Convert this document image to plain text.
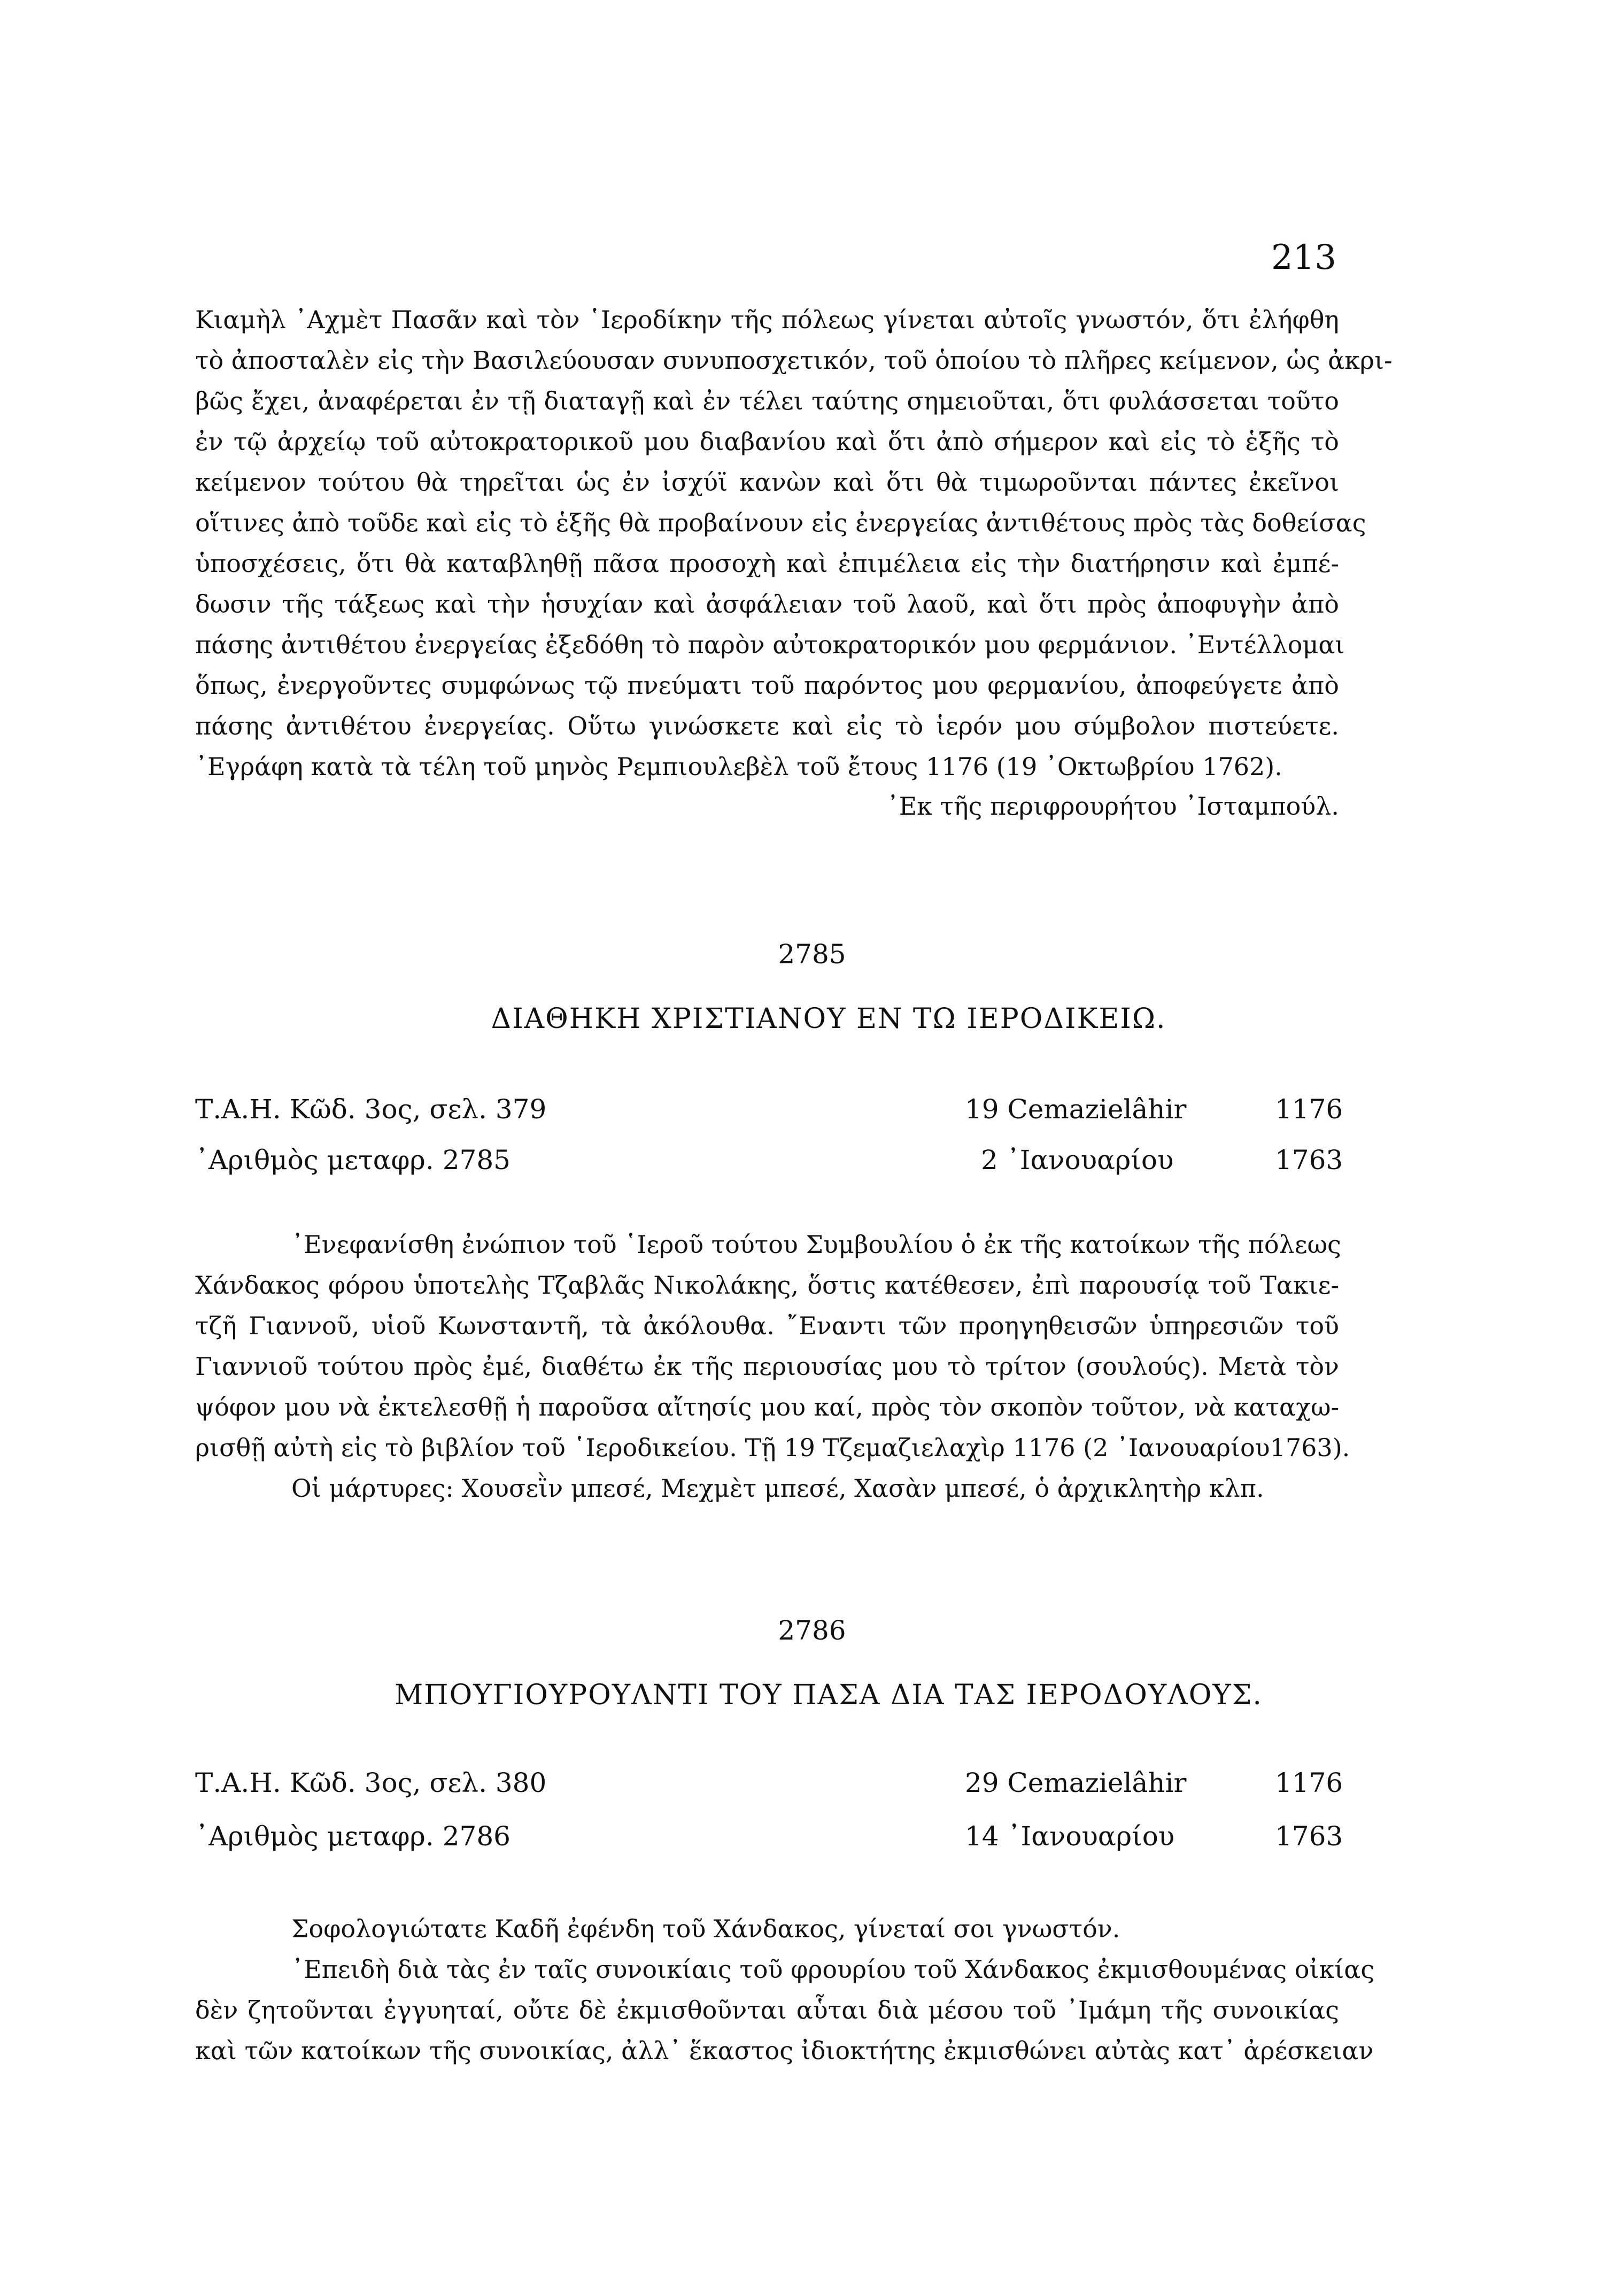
213
Κιαμὴλ ᾿Αχμὲτ Πασᾶν καὶ τὸν ῾Ιεροδίκην τῆς πόλεως γίνεται αὐτοῖς γνωστόν, ὅτι ἐλήφθη
τὸ ἀποσταλὲν εἰς τὴν Βασιλεύουσαν συνυποσχετικόν, τοῦ ὁποίου τὸ πλῆρες κείμενον, ὡς ἀκρι-
βῶς ἔχει, ἀναφέρεται ἐν τῇ διαταγῇ καὶ ἐν τέλει ταύτης σημειοῦται, ὅτι φυλάσσεται τοῦτο
ἐν τῷ ἀρχείῳ τοῦ αὐτοκρατορικοῦ μου διαβανίου καὶ ὅτι ἀπὸ σήμερον καὶ εἰς τὸ ἑξῆς τὸ
κείμενον τούτου θὰ τηρεῖται ὡς ἐν ἰσχύϊ κανὼν καὶ ὅτι θὰ τιμωροῦνται πάντες ἐκεῖνοι
οἵτινες ἀπὸ τοῦδε καὶ εἰς τὸ ἑξῆς θὰ προβαίνουν εἰς ἐνεργείας ἀντιθέτους πρὸς τὰς δοθείσας
ὑποσχέσεις, ὅτι θὰ καταβληθῇ πᾶσα προσοχὴ καὶ ἐπιμέλεια εἰς τὴν διατήρησιν καὶ ἐμπέ-
δωσιν τῆς τάξεως καὶ τὴν ἡσυχίαν καὶ ἀσφάλειαν τοῦ λαοῦ, καὶ ὅτι πρὸς ἀποφυγὴν ἀπὸ
πάσης ἀντιθέτου ἐνεργείας ἐξεδόθη τὸ παρὸν αὐτοκρατορικόν μου φερμάνιον. ᾿Εντέλλομαι
ὅπως, ἐνεργοῦντες συμφώνως τῷ πνεύματι τοῦ παρόντος μου φερμανίου, ἀποφεύγετε ἀπὸ
πάσης ἀντιθέτου ἐνεργείας. Οὕτω γινώσκετε καὶ εἰς τὸ ἱερόν μου σύμβολον πιστεύετε.
᾿Εγράφη κατὰ τὰ τέλη τοῦ μηνὸς Ρεμπιουλεβὲλ τοῦ ἔτους 1176 (19 ᾿Οκτωβρίου 1762).
᾿Εκ τῆς περιφρουρήτου ᾿Ισταμπούλ.
2785
ΔΙΑΘΗΚΗ ΧΡΙΣΤΙΑΝΟΥ ΕΝ ΤΩ ΙΕΡΟΔΙΚΕΙΩ.
Τ.Α.Η. Κῶδ. 3ος, σελ. 379	19 Cemazielâhir	1176
᾿Αριθμὸς μεταφρ. 2785	2 ᾿Ιανουαρίου	1763
᾿Ενεφανίσθη ἐνώπιον τοῦ ῾Ιεροῦ τούτου Συμβουλίου ὁ ἐκ τῆς κατοίκων τῆς πόλεως
Χάνδακος φόρου ὑποτελὴς Τζαβλᾶς Νικολάκης, ὅστις κατέθεσεν, ἐπὶ παρουσίᾳ τοῦ Τακιε-
τζῆ Γιαννοῦ, υἱοῦ Κωνσταντῆ, τὰ ἀκόλουθα. ῎Εναντι τῶν προηγηθεισῶν ὑπηρεσιῶν τοῦ
Γιαννιοῦ τούτου πρὸς ἐμέ, διαθέτω ἐκ τῆς περιουσίας μου τὸ τρίτον (σουλούς). Μετὰ τὸν
ψόφον μου νὰ ἐκτελεσθῇ ἡ παροῦσα αἴτησίς μου καί, πρὸς τὸν σκοπὸν τοῦτον, νὰ καταχω-
ρισθῇ αὐτὴ εἰς τὸ βιβλίον τοῦ ῾Ιεροδικείου. Τῇ 19 Τζεμαζιελαχὶρ 1176 (2 ᾿Ιανουαρίου1763).
Οἱ μάρτυρες: Χουσεῒν μπεσέ, Μεχμὲτ μπεσέ, Χασὰν μπεσέ, ὁ ἀρχικλητὴρ κλπ.
2786
ΜΠΟΥΓΙΟΥΡΟΥΛΝΤΙ ΤΟΥ ΠΑΣΑ ΔΙΑ ΤΑΣ ΙΕΡΟΔΟΥΛΟΥΣ.
Τ.Α.Η. Κῶδ. 3ος, σελ. 380	29 Cemazielâhir	1176
᾿Αριθμὸς μεταφρ. 2786	14 ᾿Ιανουαρίου	1763
Σοφολογιώτατε Καδῆ ἐφένδη τοῦ Χάνδακος, γίνεταί σοι γνωστόν.
᾿Επειδὴ διὰ τὰς ἐν ταῖς συνοικίαις τοῦ φρουρίου τοῦ Χάνδακος ἐκμισθουμένας οἰκίας
δὲν ζητοῦνται ἐγγυηταί, οὔτε δὲ ἐκμισθοῦνται αὗται διὰ μέσου τοῦ ᾿Ιμάμη τῆς συνοικίας
καὶ τῶν κατοίκων τῆς συνοικίας, ἀλλ᾿ ἕκαστος ἰδιοκτήτης ἐκμισθώνει αὐτὰς κατ᾿ ἀρέσκειαν
